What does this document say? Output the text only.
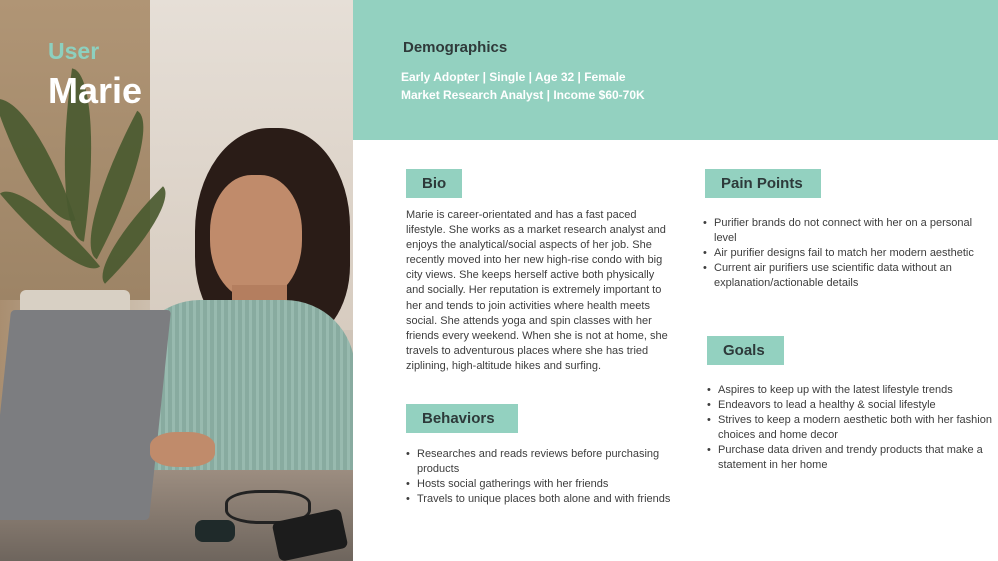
User

Marie

Demographics

Early Adopter | Single | Age 32 | Female

Market Research Analyst | Income $60-70K

Bio

Marie is career-orientated and has a fast paced lifestyle. She works as a market research analyst and enjoys the analytical/social aspects of her job. She recently moved into her new high-rise condo with big city views. She keeps herself active both physically and socially. Her reputation is extremely important to her and tends to join activities where health meets social. She attends yoga and spin classes with her friends every weekend. When she is not at home, she travels to adventurous places where she has tried ziplining, high-altitude hikes and surfing.

Behaviors
• Researches and reads reviews before purchasing products
• Hosts social gatherings with her friends
• Travels to unique places both alone and with friends
Pain Points
• Purifier brands do not connect with her on a personal level
• Air purifier designs fail to match her modern aesthetic
• Current air purifiers use scientific data without an explanation/actionable details
Goals
• Aspires to keep up with the latest lifestyle trends
• Endeavors to lead a healthy & social lifestyle
• Strives to keep a modern aesthetic both with her fashion choices and home decor
• Purchase data driven and trendy products that make a statement in her home
